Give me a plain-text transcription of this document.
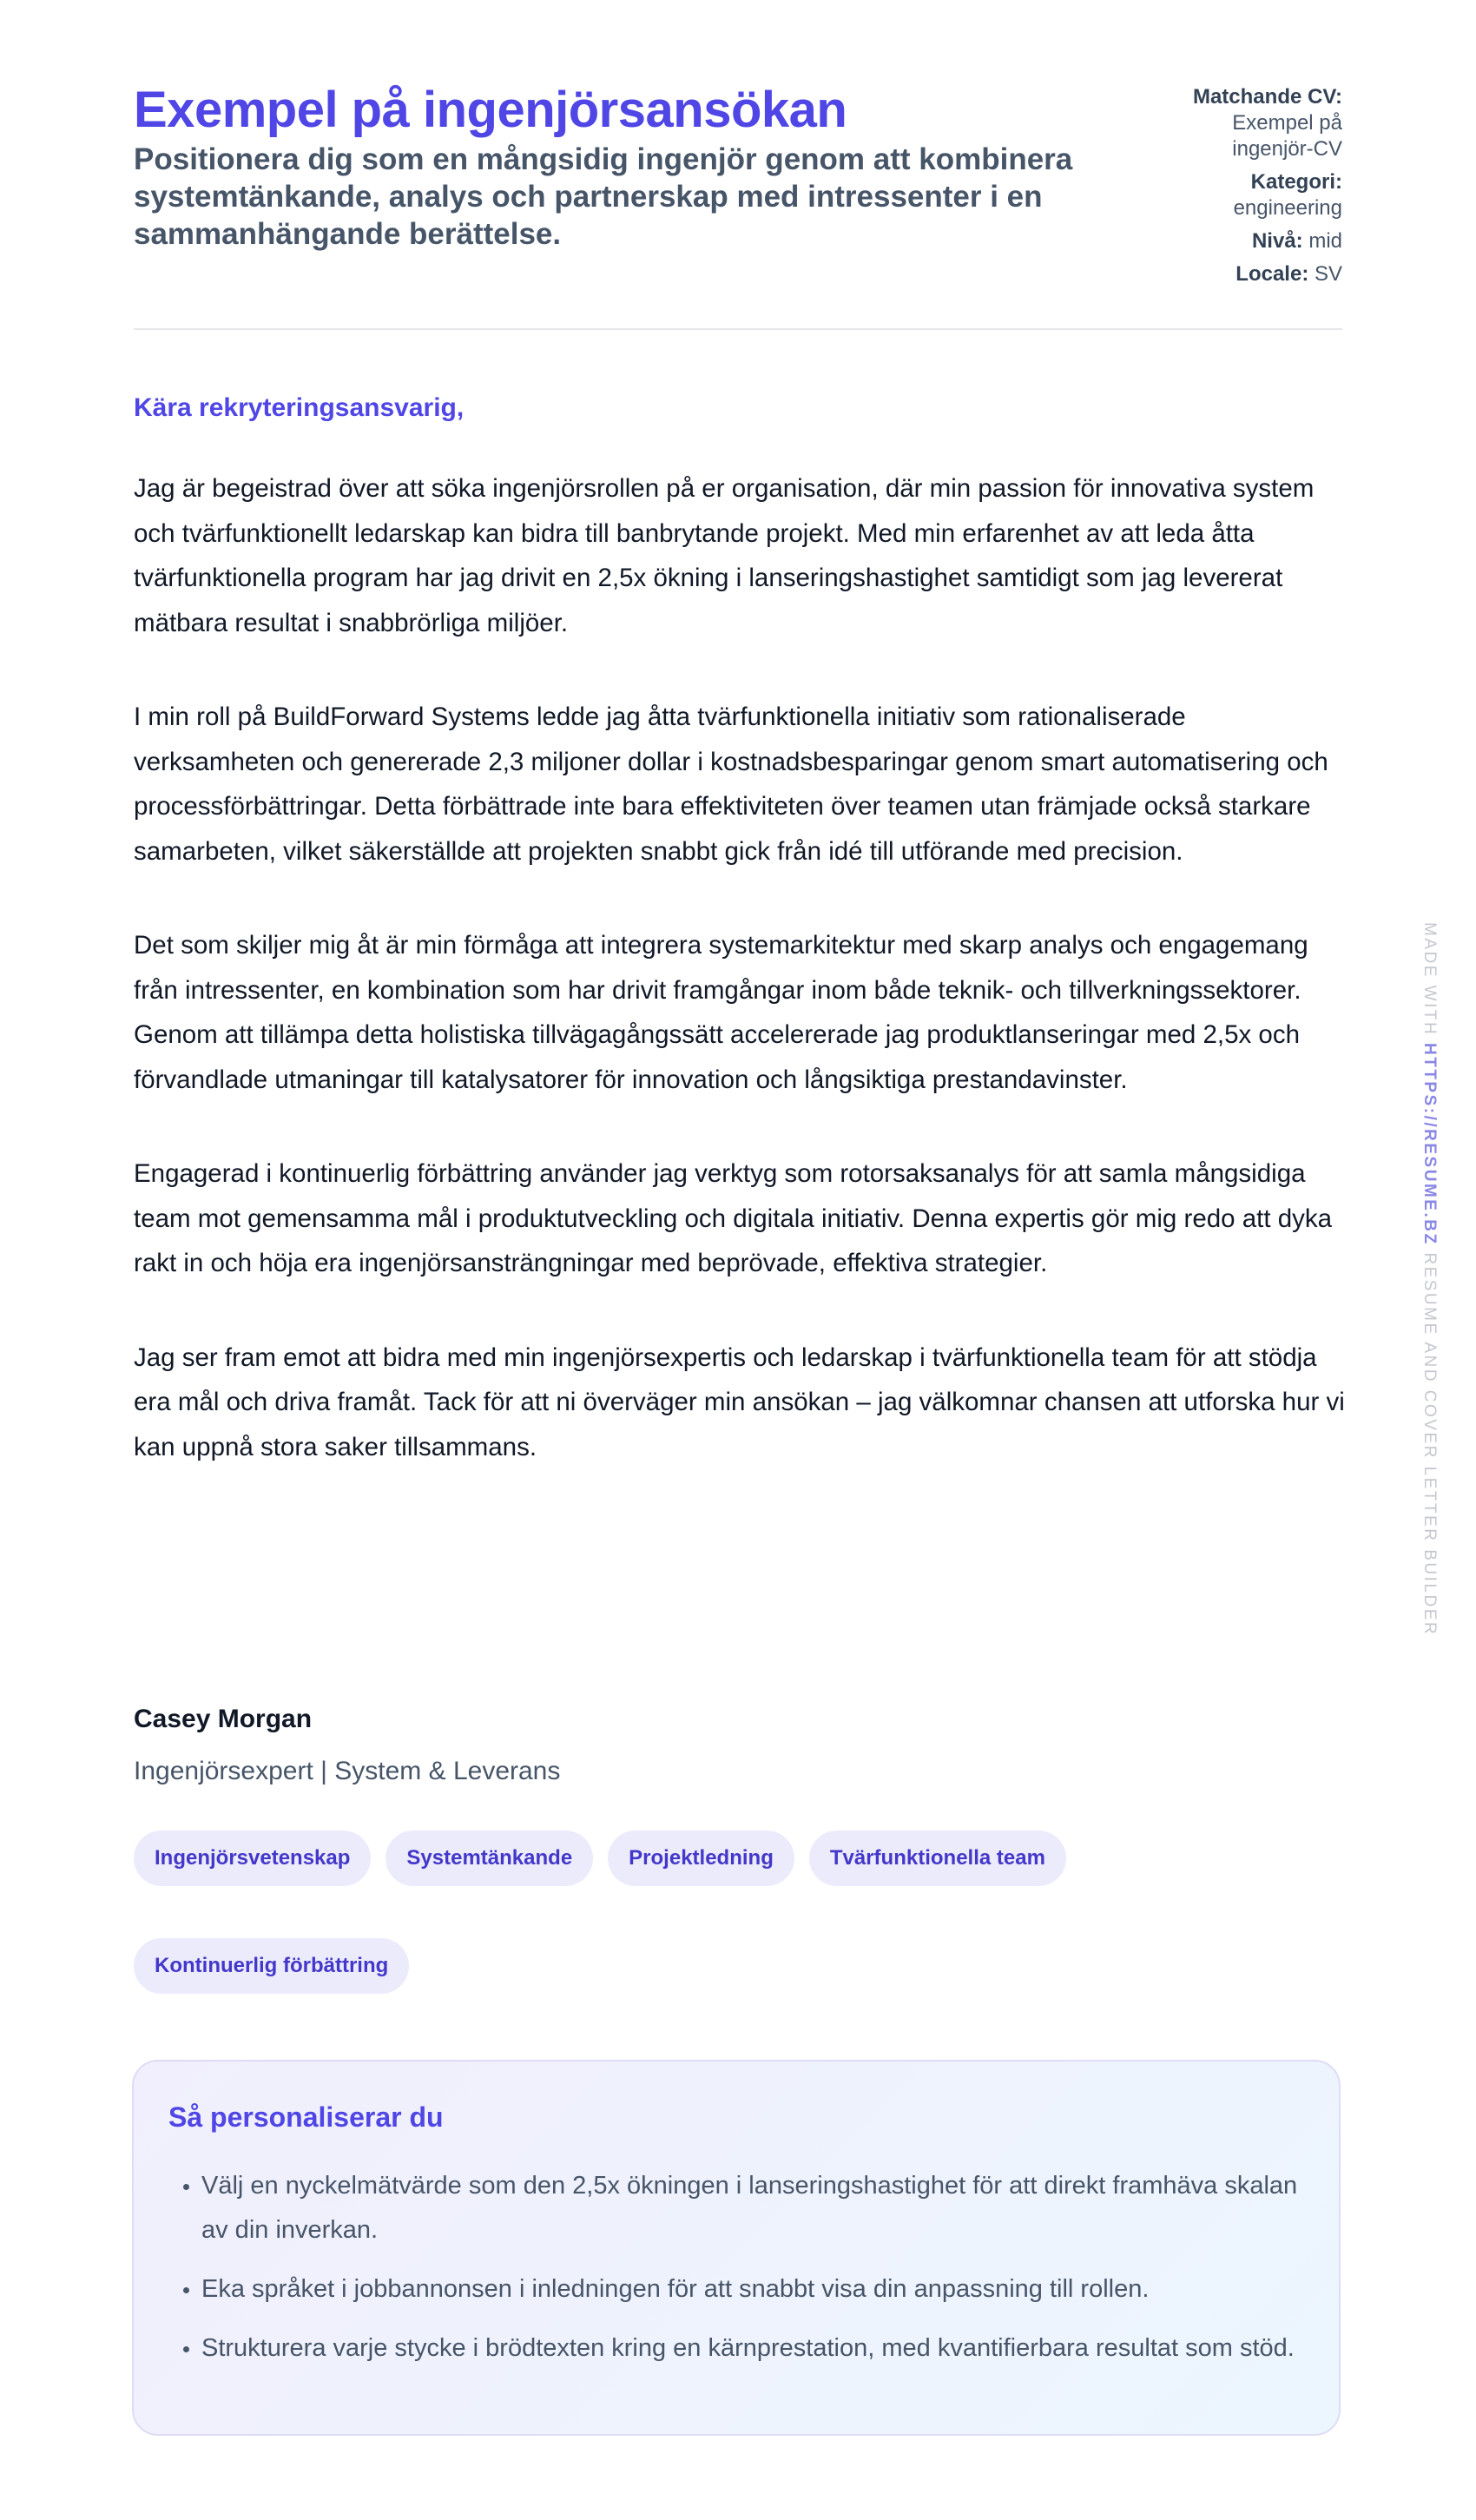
Exempel på ingenjörsansökan
Positionera dig som en mångsidig ingenjör genom att kombinera systemtänkande, analys och partnerskap med intressenter i en sammanhängande berättelse.
Matchande CV: Exempel på ingenjör-CV
Kategori: engineering
Nivå: mid
Locale: SV

Kära rekryteringsansvarig,

Jag är begeistrad över att söka ingenjörsrollen på er organisation, där min passion för innovativa system och tvärfunktionellt ledarskap kan bidra till banbrytande projekt. Med min erfarenhet av att leda åtta tvärfunktionella program har jag drivit en 2,5x ökning i lanseringshastighet samtidigt som jag levererat mätbara resultat i snabbrörliga miljöer.

I min roll på BuildForward Systems ledde jag åtta tvärfunktionella initiativ som rationaliserade verksamheten och genererade 2,3 miljoner dollar i kostnadsbesparingar genom smart automatisering och processförbättringar. Detta förbättrade inte bara effektiviteten över teamen utan främjade också starkare samarbeten, vilket säkerställde att projekten snabbt gick från idé till utförande med precision.

Det som skiljer mig åt är min förmåga att integrera systemarkitektur med skarp analys och engagemang från intressenter, en kombination som har drivit framgångar inom både teknik- och tillverkningssektorer. Genom att tillämpa detta holistiska tillvägagångssätt accelererade jag produktlanseringar med 2,5x och förvandlade utmaningar till katalysatorer för innovation och långsiktiga prestandavinster.

Engagerad i kontinuerlig förbättring använder jag verktyg som rotorsaksanalys för att samla mångsidiga team mot gemensamma mål i produktutveckling och digitala initiativ. Denna expertis gör mig redo att dyka rakt in och höja era ingenjörsansträngningar med beprövade, effektiva strategier.

Jag ser fram emot att bidra med min ingenjörsexpertis och ledarskap i tvärfunktionella team för att stödja era mål och driva framåt. Tack för att ni överväger min ansökan – jag välkomnar chansen att utforska hur vi kan uppnå stora saker tillsammans.

Casey Morgan
Ingenjörsexpert | System & Leverans
Ingenjörsvetenskap	Systemtänkande	Projektledning	Tvärfunktionella team
Kontinuerlig förbättring
Så personaliserar du
• Välj en nyckelmätvärde som den 2,5x ökningen i lanseringshastighet för att direkt framhäva skalan av din inverkan.
• Eka språket i jobbannonsen i inledningen för att snabbt visa din anpassning till rollen.
• Strukturera varje stycke i brödtexten kring en kärnprestation, med kvantifierbara resultat som stöd.
MADE WITH HTTPS://RESUME.BZ RESUME AND COVER LETTER BUILDER
